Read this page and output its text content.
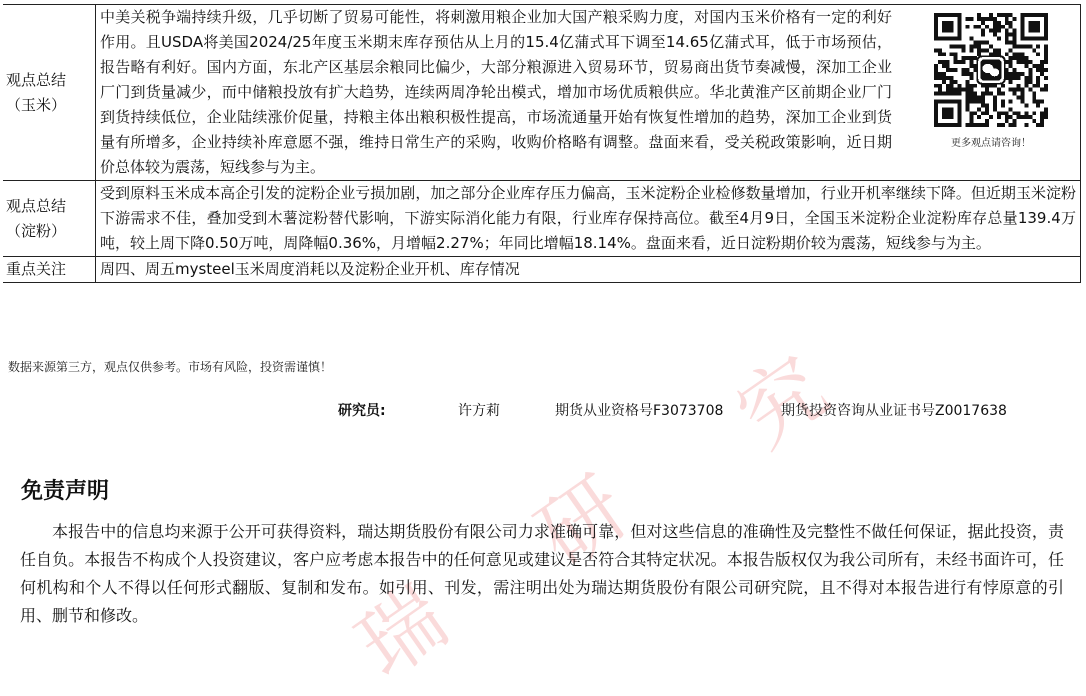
究
研
瑞
观点总结（玉米）	中美关税争端持续升级，几乎切断了贸易可能性，将刺激用粮企业加大国产粮采购力度，对国内玉米价格有一定的利好作用。且USDA将美国2024/25年度玉米期末库存预估从上月的15.4亿蒲式耳下调至14.65亿蒲式耳，低于市场预估，报告略有利好。国内方面，东北产区基层余粮同比偏少，大部分粮源进入贸易环节，贸易商出货节奏减慢，深加工企业厂门到货量减少，而中储粮投放有扩大趋势，连续两周净轮出模式，增加市场优质粮供应。华北黄淮产区前期企业厂门到货持续低位，企业陆续涨价促量，持粮主体出粮积极性提高，市场流通量开始有恢复性增加的趋势，深加工企业到货量有所增多，企业持续补库意愿不强，维持日常生产的采购，收购价格略有调整。盘面来看，受关税政策影响，近日期价总体较为震荡，短线参与为主。
更多观点请咨询！

观点总结（淀粉）	受到原料玉米成本高企引发的淀粉企业亏损加剧，加之部分企业库存压力偏高，玉米淀粉企业检修数量增加，行业开机率继续下降。但近期玉米淀粉下游需求不佳，叠加受到木薯淀粉替代影响，下游实际消化能力有限，行业库存保持高位。截至4月9日，全国玉米淀粉企业淀粉库存总量139.4万吨，较上周下降0.50万吨，周降幅0.36%，月增幅2.27%；年同比增幅18.14%。盘面来看，近日淀粉期价较为震荡，短线参与为主。
重点关注	周四、周五mysteel玉米周度消耗以及淀粉企业开机、库存情况
数据来源第三方，观点仅供参考。市场有风险，投资需谨慎！
研究员:	许方莉	期货从业资格号F3073708	期货投资咨询从业证书号Z0017638
免责声明
本报告中的信息均来源于公开可获得资料，瑞达期货股份有限公司力求准确可靠，但对这些信息的准确性及完整性不做任何保证，据此投资，责任自负。本报告不构成个人投资建议，客户应考虑本报告中的任何意见或建议是否符合其特定状况。本报告版权仅为我公司所有，未经书面许可，任何机构和个人不得以任何形式翻版、复制和发布。如引用、刊发，需注明出处为瑞达期货股份有限公司研究院，且不得对本报告进行有悖原意的引用、删节和修改。
